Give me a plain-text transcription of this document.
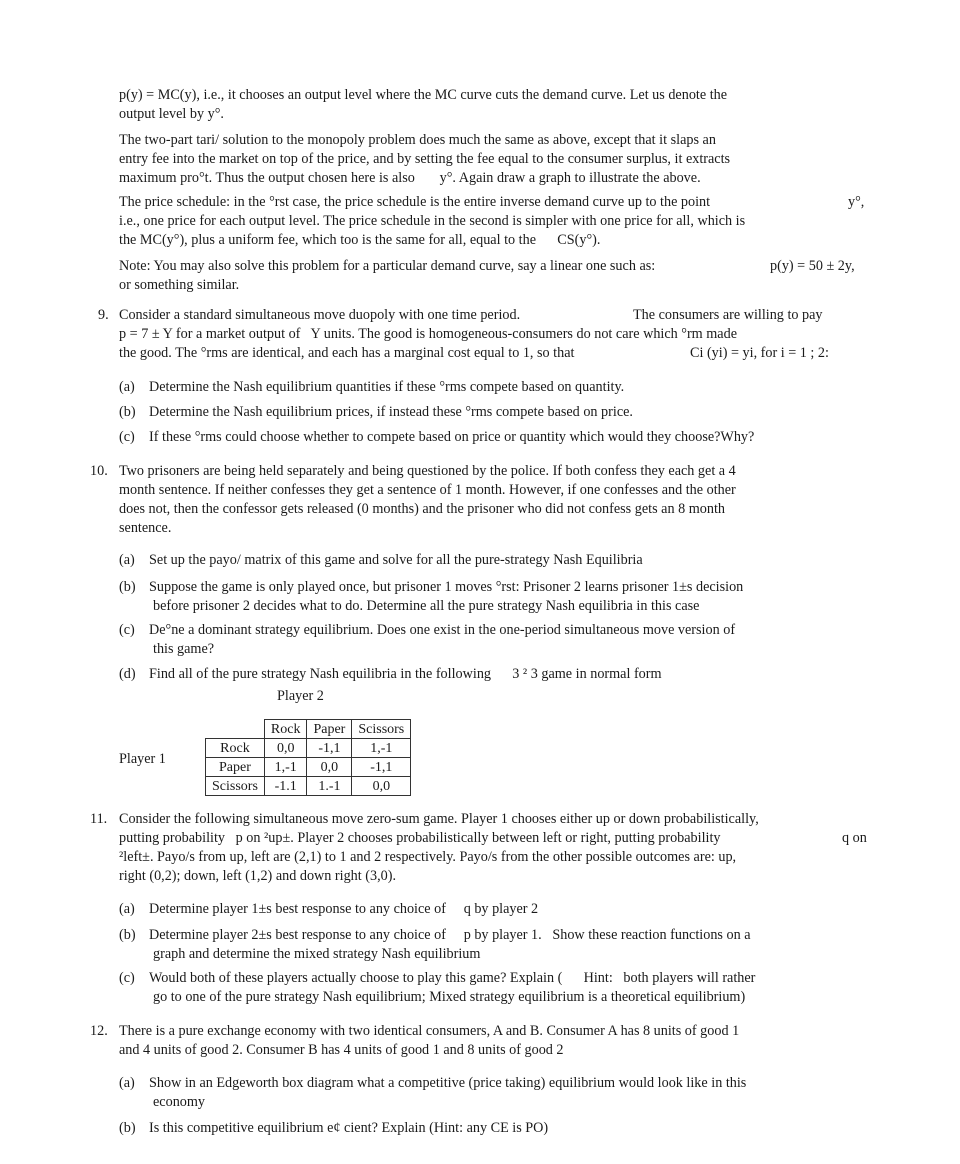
p(y) = MC(y), i.e., it chooses an output level where the MC curve cuts the demand curve. Let us denote the

output level by y°.

The two-part tari/ solution to the monopoly problem does much the same as above, except that it slaps an

entry fee into the market on top of the price, and by setting the fee equal to the consumer surplus, it extracts

maximum pro°t. Thus the output chosen here is also       y°. Again draw a graph to illustrate the above.

The price schedule: in the °rst case, the price schedule is the entire inverse demand curve up to the point

i.e., one price for each output level. The price schedule in the second is simpler with one price for all, which is

the MC(y°), plus a uniform fee, which too is the same for all, equal to the      CS(y°).

y°,

Note: You may also solve this problem for a particular demand curve, say a linear one such as:

or something similar.

p(y) = 50 ± 2y,
9. Consider a standard simultaneous move duopoly with one time period.

p = 7 ± Y for a market output of   Y units. The good is homogeneous-consumers do not care which °rm made

the good. The °rms are identical, and each has a marginal cost equal to 1, so that

The consumers are willing to pay
Ci (yi) = yi, for i = 1 ; 2:
(a) Determine the Nash equilibrium quantities if these °rms compete based on quantity.
(b) Determine the Nash equilibrium prices, if instead these °rms compete based on price.
(c) If these °rms could choose whether to compete based on price or quantity which would they choose?Why?
10. Two prisoners are being held separately and being questioned by the police. If both confess they each get a 4

month sentence. If neither confesses they get a sentence of 1 month. However, if one confesses and the other

does not, then the confessor gets released (0 months) and the prisoner who did not confess gets an 8 month

sentence.

(a) Set up the payo/ matrix of this game and solve for all the pure-strategy Nash Equilibria
(b) Suppose the game is only played once, but prisoner 1 moves °rst: Prisoner 2 learns prisoner 1±s decision
before prisoner 2 decides what to do. Determine all the pure strategy Nash equilibria in this case
(c) De°ne a dominant strategy equilibrium. Does one exist in the one-period simultaneous move version of
this game?
(d) Find all of the pure strategy Nash equilibria in the following      3 ² 3 game in normal form
Player 2
Player 1
	Rock	Paper	Scissors
Rock	0,0	-1,1	1,-1
Paper	1,-1	0,0	-1,1
Scissors	-1.1	1.-1	0,0
11. Consider the following simultaneous move zero-sum game. Player 1 chooses either up or down probabilistically,

putting probability   p on ²up±. Player 2 chooses probabilistically between left or right, putting probability

²left±. Payo/s from up, left are (2,1) to 1 and 2 respectively. Payo/s from the other possible outcomes are: up,

right (0,2); down, left (1,2) and down right (3,0).

q on
(a) Determine player 1±s best response to any choice of     q by player 2
(b) Determine player 2±s best response to any choice of     p by player 1.   Show these reaction functions on a
graph and determine the mixed strategy Nash equilibrium
(c) Would both of these players actually choose to play this game? Explain (      Hint:   both players will rather
go to one of the pure strategy Nash equilibrium; Mixed strategy equilibrium is a theoretical equilibrium)
12. There is a pure exchange economy with two identical consumers, A and B. Consumer A has 8 units of good 1

and 4 units of good 2. Consumer B has 4 units of good 1 and 8 units of good 2

(a) Show in an Edgeworth box diagram what a competitive (price taking) equilibrium would look like in this
economy
(b) Is this competitive equilibrium e¢ cient? Explain (Hint: any CE is PO)
